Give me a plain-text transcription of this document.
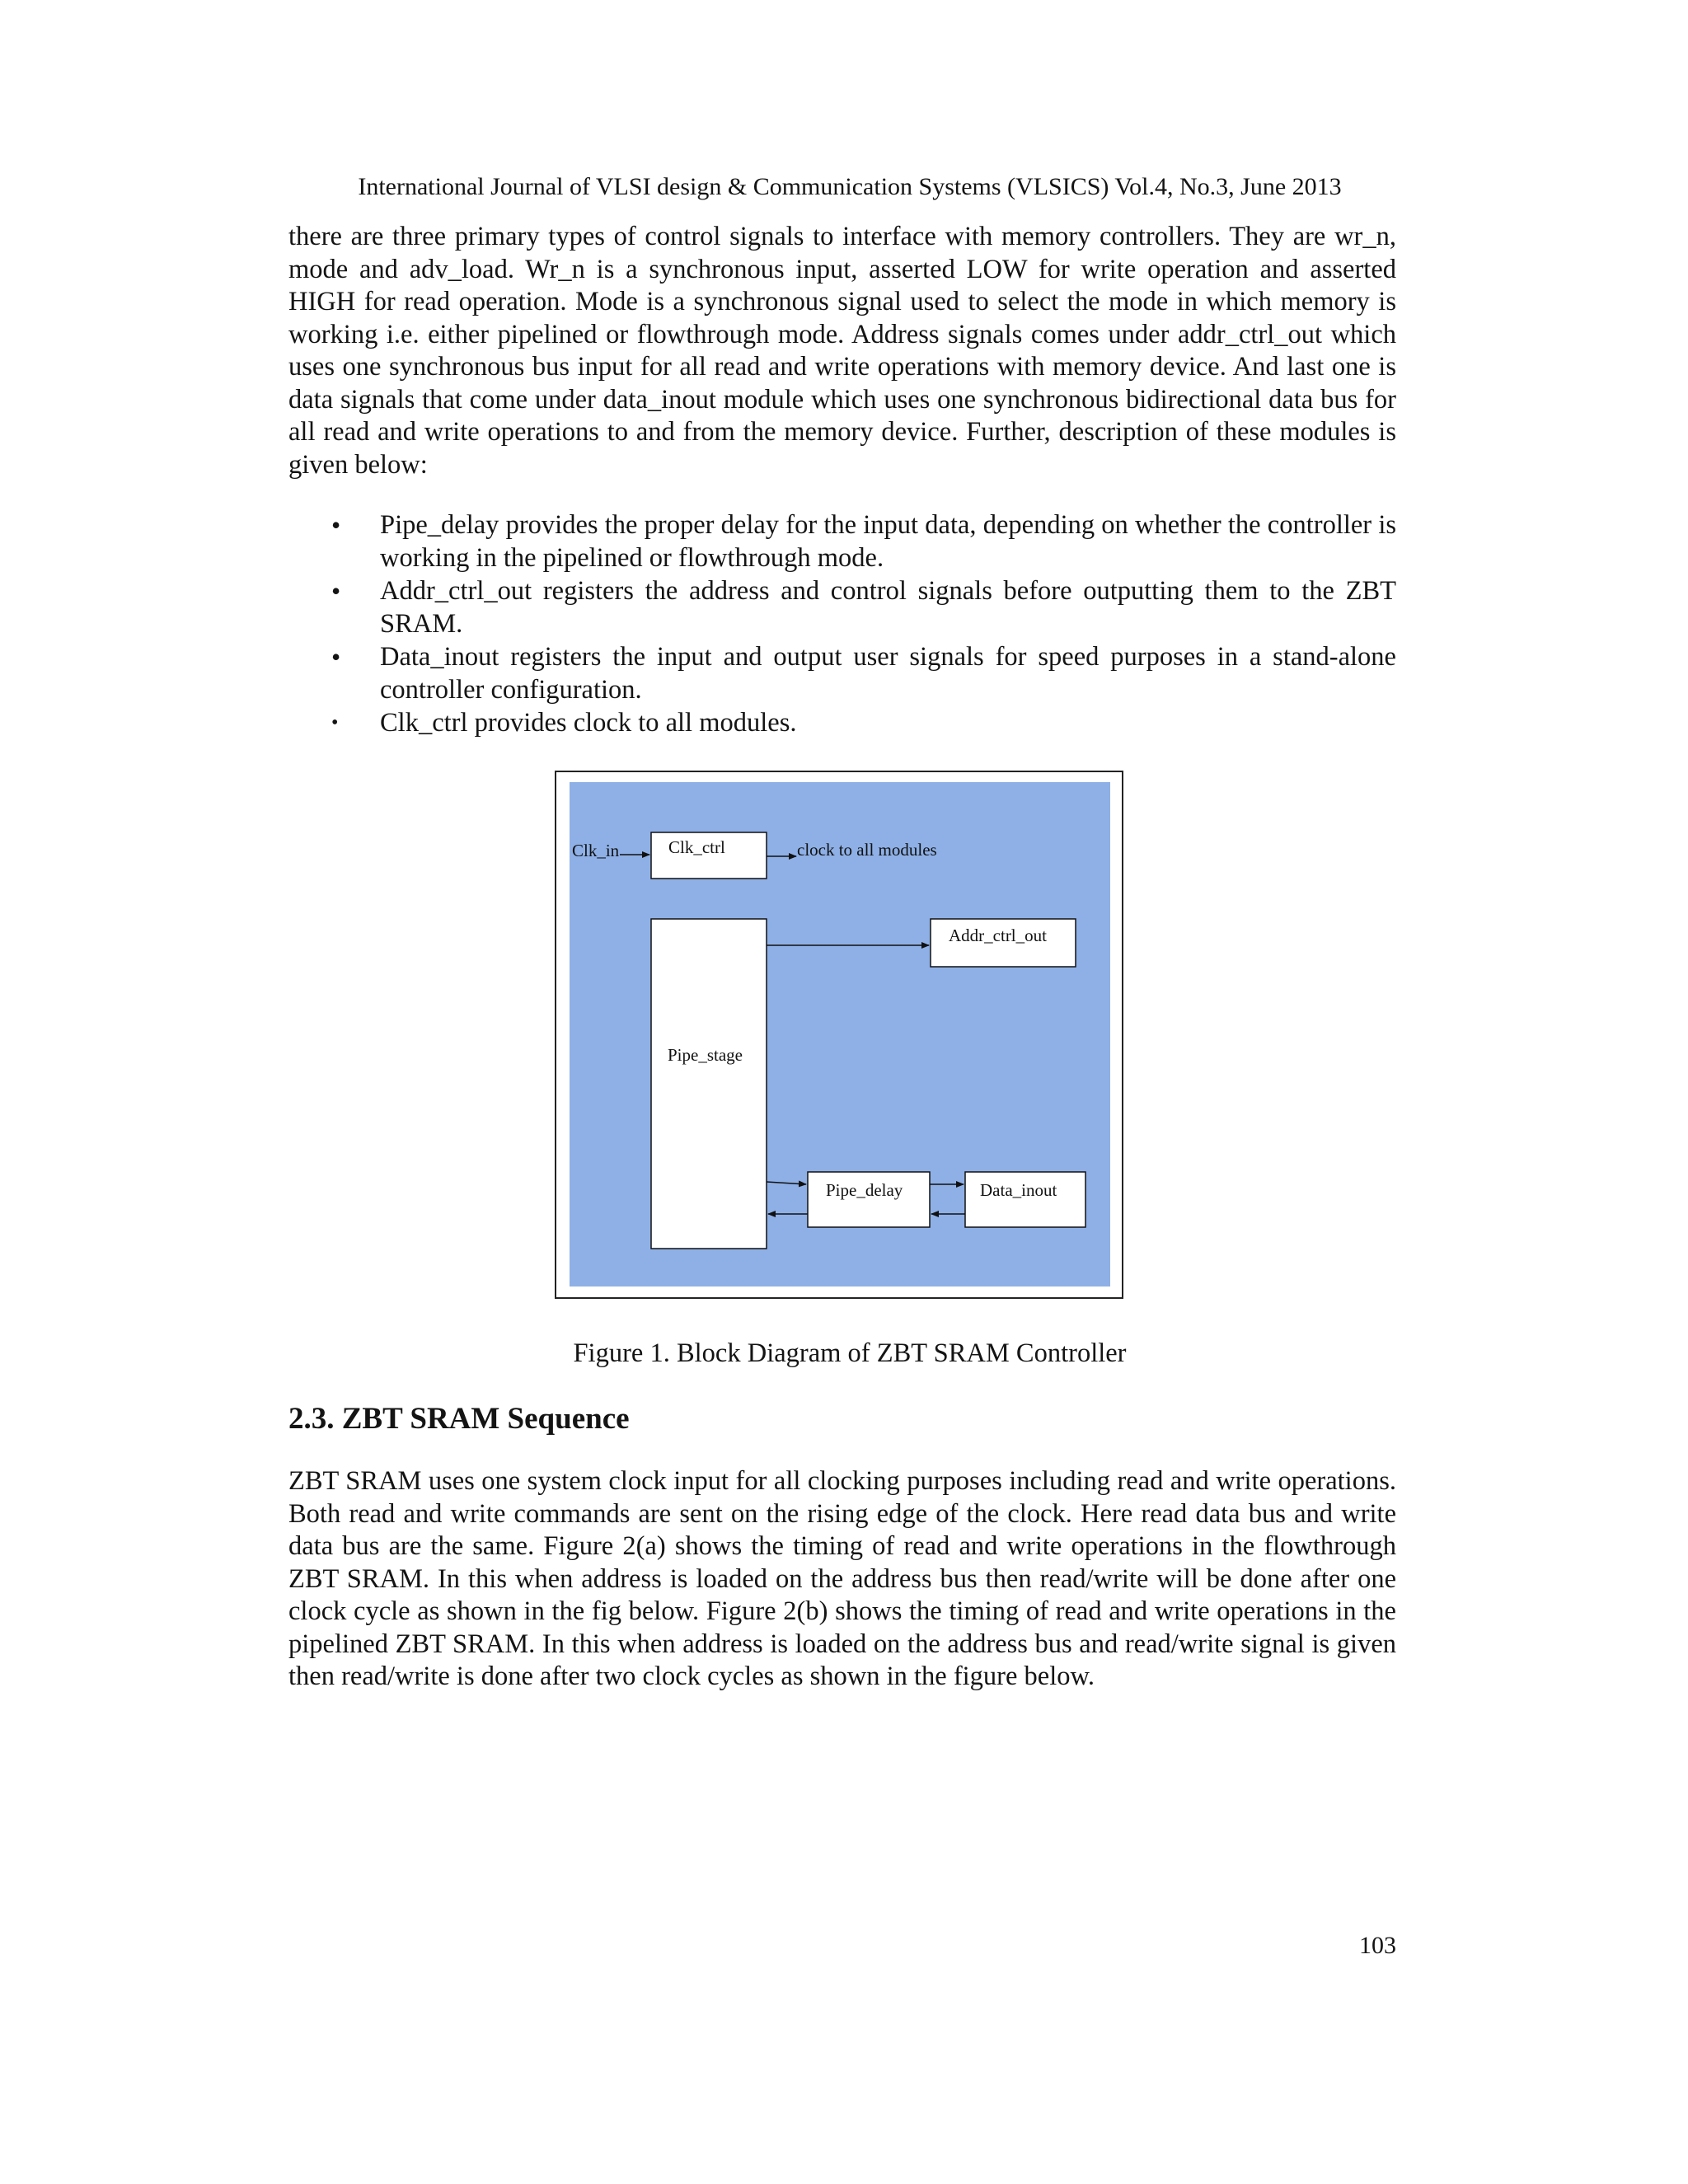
International Journal of VLSI design & Communication Systems (VLSICS) Vol.4, No.3, June 2013

there are three primary types of control signals to interface with memory controllers. They are wr_n, mode and adv_load. Wr_n is a synchronous input, asserted LOW for write operation and asserted HIGH for read operation. Mode is a synchronous signal used to select the mode in which memory is working i.e. either pipelined or flowthrough mode. Address signals comes under addr_ctrl_out which uses one synchronous bus input for all read and write operations with memory device. And last one is data signals that come under data_inout module which uses one synchronous bidirectional data bus for all read and write operations to and from the memory device. Further, description of these modules is given below:

• Pipe_delay provides the proper delay for the input data, depending on whether the controller is working in the pipelined or flowthrough mode.
• Addr_ctrl_out registers the address and control signals before outputting them to the ZBT SRAM.
• Data_inout registers the input and output user signals for speed purposes in a stand-alone controller configuration.
• Clk_ctrl provides clock to all modules.
Clk_in	Clk_ctrl	clock to all modules
Pipe_stage
Addr_ctrl_out
Pipe_delay	Data_inout
Figure 1. Block Diagram of ZBT SRAM Controller
2.3. ZBT SRAM Sequence

ZBT SRAM uses one system clock input for all clocking purposes including read and write operations. Both read and write commands are sent on the rising edge of the clock. Here read data bus and write data bus are the same. Figure 2(a) shows the timing of read and write operations in the flowthrough ZBT SRAM. In this when address is loaded on the address bus then read/write will be done after one clock cycle as shown in the fig below. Figure 2(b) shows the timing of read and write operations in the pipelined ZBT SRAM. In this when address is loaded on the address bus and read/write signal is given then read/write is done after two clock cycles as shown in the figure below.

103
